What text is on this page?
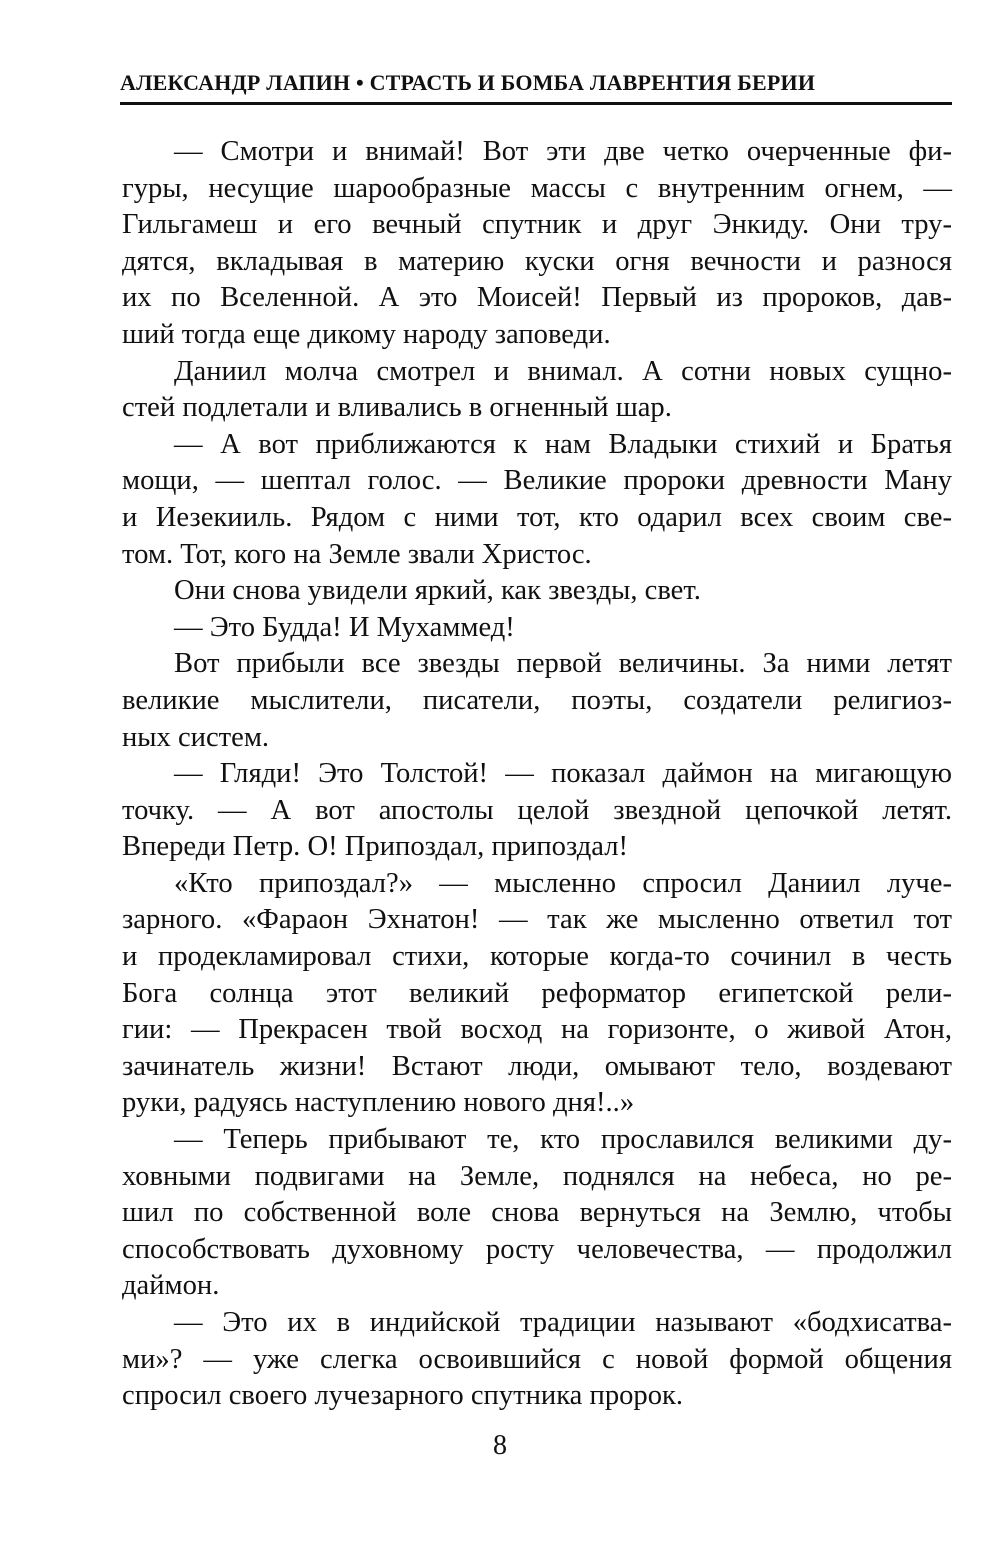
АЛЕКСАНДР ЛАПИН • СТРАСТЬ И БОМБА ЛАВРЕНТИЯ БЕРИИ
— Смотри и внимай! Вот эти две четко очерченные фи-
гуры, несущие шарообразные массы с внутренним огнем, —
Гильгамеш и его вечный спутник и друг Энкиду. Они тру-
дятся, вкладывая в материю куски огня вечности и разнося
их по Вселенной. А это Моисей! Первый из пророков, дав-
ший тогда еще дикому народу заповеди.
Даниил молча смотрел и внимал. А сотни новых сущно-
стей подлетали и вливались в огненный шар.
— А вот приближаются к нам Владыки стихий и Братья
мощи, — шептал голос. — Великие пророки древности Ману
и Иезекииль. Рядом с ними тот, кто одарил всех своим све-
том. Тот, кого на Земле звали Христос.
Они снова увидели яркий, как звезды, свет.
— Это Будда! И Мухаммед!
Вот прибыли все звезды первой величины. За ними летят
великие мыслители, писатели, поэты, создатели религиоз-
ных систем.
— Гляди! Это Толстой! — показал даймон на мигающую
точку. — А вот апостолы целой звездной цепочкой летят.
Впереди Петр. О! Припоздал, припоздал!
«Кто припоздал?» — мысленно спросил Даниил луче-
зарного. «Фараон Эхнатон! — так же мысленно ответил тот
и продекламировал стихи, которые когда-то сочинил в честь
Бога солнца этот великий реформатор египетской рели-
гии: — Прекрасен твой восход на горизонте, о живой Атон,
зачинатель жизни! Встают люди, омывают тело, воздевают
руки, радуясь наступлению нового дня!..»
— Теперь прибывают те, кто прославился великими ду-
ховными подвигами на Земле, поднялся на небеса, но ре-
шил по собственной воле снова вернуться на Землю, чтобы
способствовать духовному росту человечества, — продолжил
даймон.
— Это их в индийской традиции называют «бодхисатва-
ми»? — уже слегка освоившийся с новой формой общения
спросил своего лучезарного спутника пророк.
8
